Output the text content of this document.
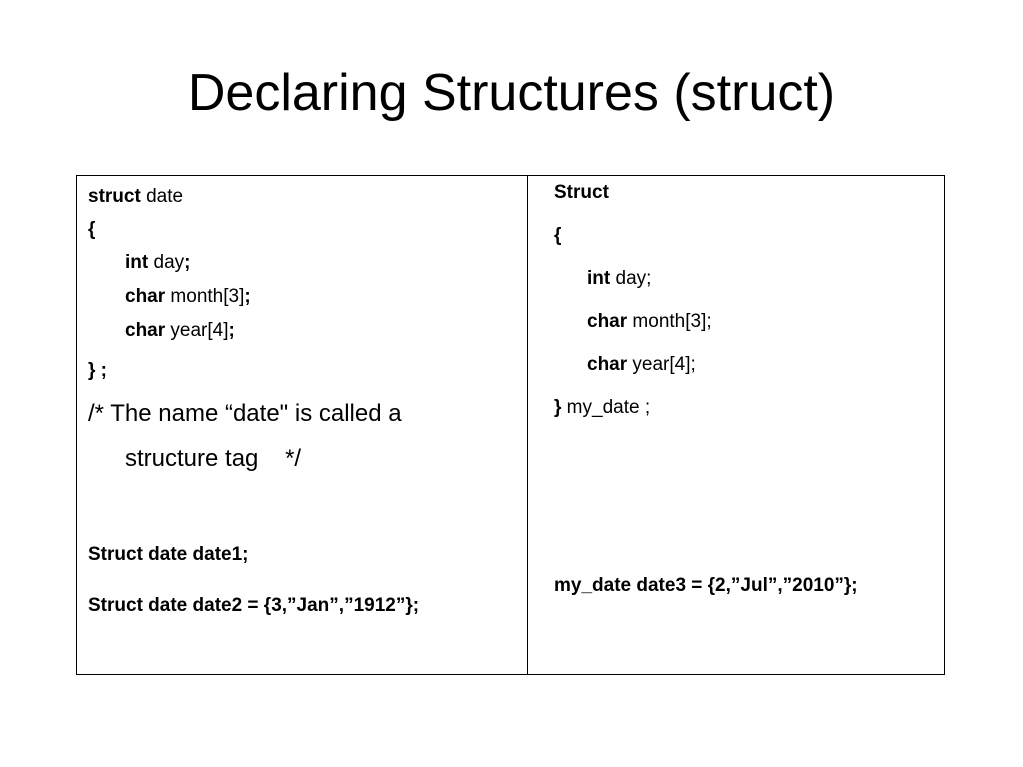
Declaring Structures (struct)
struct date
{
int day;
char month[3];
char year[4];
} ;
/* The name “date" is called a
structure tag    */
Struct date date1;
Struct date date2 = {3,”Jan”,”1912”};
Struct
{
int day;
char month[3];
char year[4];
} my_date ;
my_date date3 = {2,”Jul”,”2010”};
